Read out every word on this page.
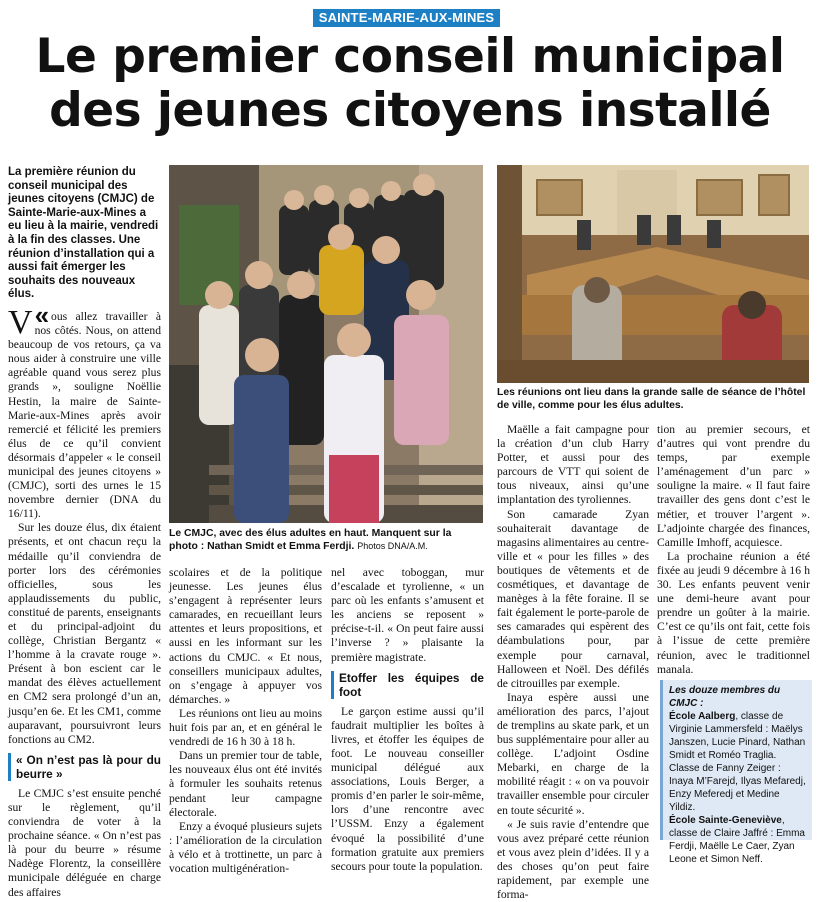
SAINTE-MARIE-AUX-MINES
Le premier conseil municipal
des jeunes citoyens installé
Le CMJC, avec des élus adultes en haut. Manquent sur la photo : Nathan Smidt et Emma Ferdji. Photos DNA/A.M.
Les réunions ont lieu dans la grande salle de séance de l’hôtel de ville, comme pour les élus adultes.
La première réunion du conseil municipal des jeunes citoyens (CMJC) de Sainte-Marie-aux-Mines a eu lieu à la mairie, vendredi à la fin des classes. Une réunion d’installation qui a aussi fait émerger les souhaits des nouveaux élus.

«
V ous allez travailler à nos côtés. Nous, on attend beaucoup de vos retours, ça va nous aider à construire une ville agréable quand vous serez plus grands », souligne Noëllie Hestin, la maire de Sainte-Marie-aux-Mines après avoir remercié et félicité les premiers élus de ce qu’il convient désormais d’appeler « le conseil municipal des jeunes citoyens » (CMJC), sorti des urnes le 15 novembre dernier (DNA du 16/11).

Sur les douze élus, dix étaient présents, et ont chacun reçu la médaille qu’il conviendra de porter lors des cérémonies officielles, sous les applaudissements du public, constitué de parents, enseignants et du principal-adjoint du collège, Christian Bergantz « l’homme à la cravate rouge ». Présent à bon escient car le mandat des élèves actuellement en CM2 sera prolongé d’un an, jusqu’en 6e. Et les CM1, comme auparavant, poursuivront leurs fonctions au CM2.

« On n’est pas là pour du beurre »

Le CMJC s’est ensuite penché sur le règlement, qu’il conviendra de voter à la prochaine séance. « On n’est pas là pour du beurre » résume Nadège Florentz, la conseillère municipale déléguée en charge des affaires

scolaires et de la politique jeunesse. Les jeunes élus s’engagent à représenter leurs camarades, en recueillant leurs attentes et leurs propositions, et aussi en les informant sur les actions du CMJC. « Et nous, conseillers municipaux adultes, on s’engage à appuyer vos démarches. »

Les réunions ont lieu au moins huit fois par an, et en général le vendredi de 16 h 30 à 18 h.

Dans un premier tour de table, les nouveaux élus ont été invités à formuler les souhaits retenus pendant leur campagne électorale.

Enzy a évoqué plusieurs sujets : l’amélioration de la circulation à vélo et à trottinette, un parc à vocation multigénération-

nel avec toboggan, mur d’escalade et tyrolienne, « un parc où les enfants s’amusent et les anciens se reposent » précise-t-il. « On peut faire aussi l’inverse ? » plaisante la première magistrate.

Etoffer les équipes de foot

Le garçon estime aussi qu’il faudrait multiplier les boîtes à livres, et étoffer les équipes de foot. Le nouveau conseiller municipal délégué aux associations, Louis Berger, a promis d’en parler le soir-même, lors d’une rencontre avec l’USSM. Enzy a également évoqué la possibilité d’une formation gratuite aux premiers secours pour toute la population.

Maëlle a fait campagne pour la création d’un club Harry Potter, et aussi pour des parcours de VTT qui soient de tous niveaux, ainsi qu’une implantation des tyroliennes.

Son camarade Zyan souhaiterait davantage de magasins alimentaires au centre-ville et « pour les filles » des boutiques de vêtements et de cosmétiques, et davantage de manèges à la fête foraine. Il se fait également le porte-parole de ses camarades qui espèrent des déambulations pour, par exemple pour carnaval, Halloween et Noël. Des défilés de citrouilles par exemple.

Inaya espère aussi une amélioration des parcs, l’ajout de tremplins au skate park, et un bus supplémentaire pour aller au collège. L’adjoint Osdine Mebarki, en charge de la mobilité réagit : « on va pouvoir travailler ensemble pour circuler en toute sécurité ».

« Je suis ravie d’entendre que vous avez préparé cette réunion et vous avez plein d’idées. Il y a des choses qu’on peut faire rapidement, par exemple une forma-

tion au premier secours, et d’autres qui vont prendre du temps, par exemple l’aménagement d’un parc » souligne la maire. « Il faut faire travailler des gens dont c’est le métier, et trouver l’argent ». L’adjointe chargée des finances, Camille Imhoff, acquiesce.

La prochaine réunion a été fixée au jeudi 9 décembre à 16 h 30. Les enfants peuvent venir une demi-heure avant pour prendre un goûter à la mairie. C’est ce qu’ils ont fait, cette fois à l’issue de cette première réunion, avec le traditionnel manala.

Les douze membres du CMJC :
École Aalberg, classe de Virginie Lammersfeld : Maëlys Janszen, Lucie Pinard, Nathan Smidt et Roméo Traglia.
Classe de Fanny Zeiger : Inaya M’Farejd, Ilyas Mefaredj, Enzy Meferedj et Medine Yildiz.
École Sainte-Geneviève, classe de Claire Jaffré : Emma Ferdji, Maëlle Le Caer, Zyan Leone et Simon Neff.
